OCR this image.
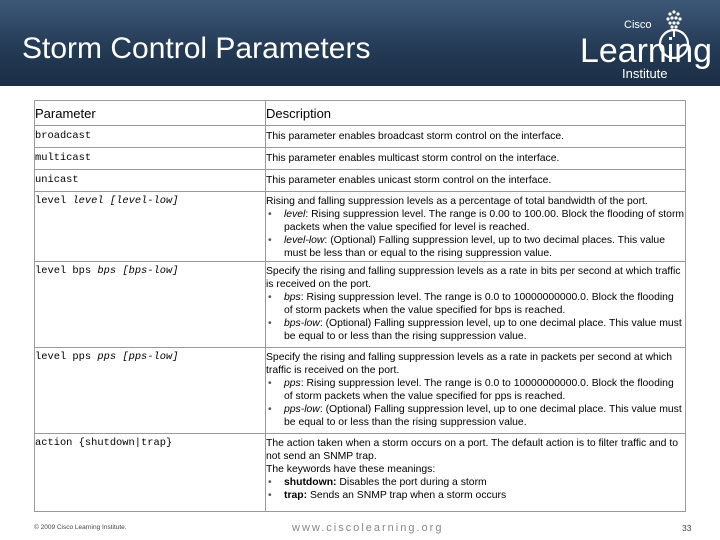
Storm Control Parameters
Cisco
Learning
Institute
Parameter	Description
broadcast	This parameter enables broadcast storm control on the interface.
multicast	This parameter enables multicast storm control on the interface.
unicast	This parameter enables unicast storm control on the interface.
level level [level-low]	Rising and falling suppression levels as a percentage of total bandwidth of the port.
• level: Rising suppression level. The range is 0.00 to 100.00. Block the flooding of storm packets when the value specified for level is reached.
• level-low: (Optional) Falling suppression level, up to two decimal places. This value must be less than or equal to the rising suppression value.

level bps bps [bps-low]	Specify the rising and falling suppression levels as a rate in bits per second at which traffic is received on the port.
• bps: Rising suppression level. The range is 0.0 to 10000000000.0. Block the flooding of storm packets when the value specified for bps is reached.
• bps-low: (Optional) Falling suppression level, up to one decimal place. This value must be equal to or less than the rising suppression value.

level pps pps [pps-low]	Specify the rising and falling suppression levels as a rate in packets per second at which traffic is received on the port.
• pps: Rising suppression level. The range is 0.0 to 10000000000.0. Block the flooding of storm packets when the value specified for pps is reached.
• pps-low: (Optional) Falling suppression level, up to one decimal place. This value must be equal to or less than the rising suppression value.

action {shutdown|trap}	The action taken when a storm occurs on a port. The default action is to filter traffic and to not send an SNMP trap.
The keywords have these meanings:
• shutdown: Disables the port during a storm
• trap: Sends an SNMP trap when a storm occurs
© 2009 Cisco Learning Institute.	www.ciscolearning.org	33
